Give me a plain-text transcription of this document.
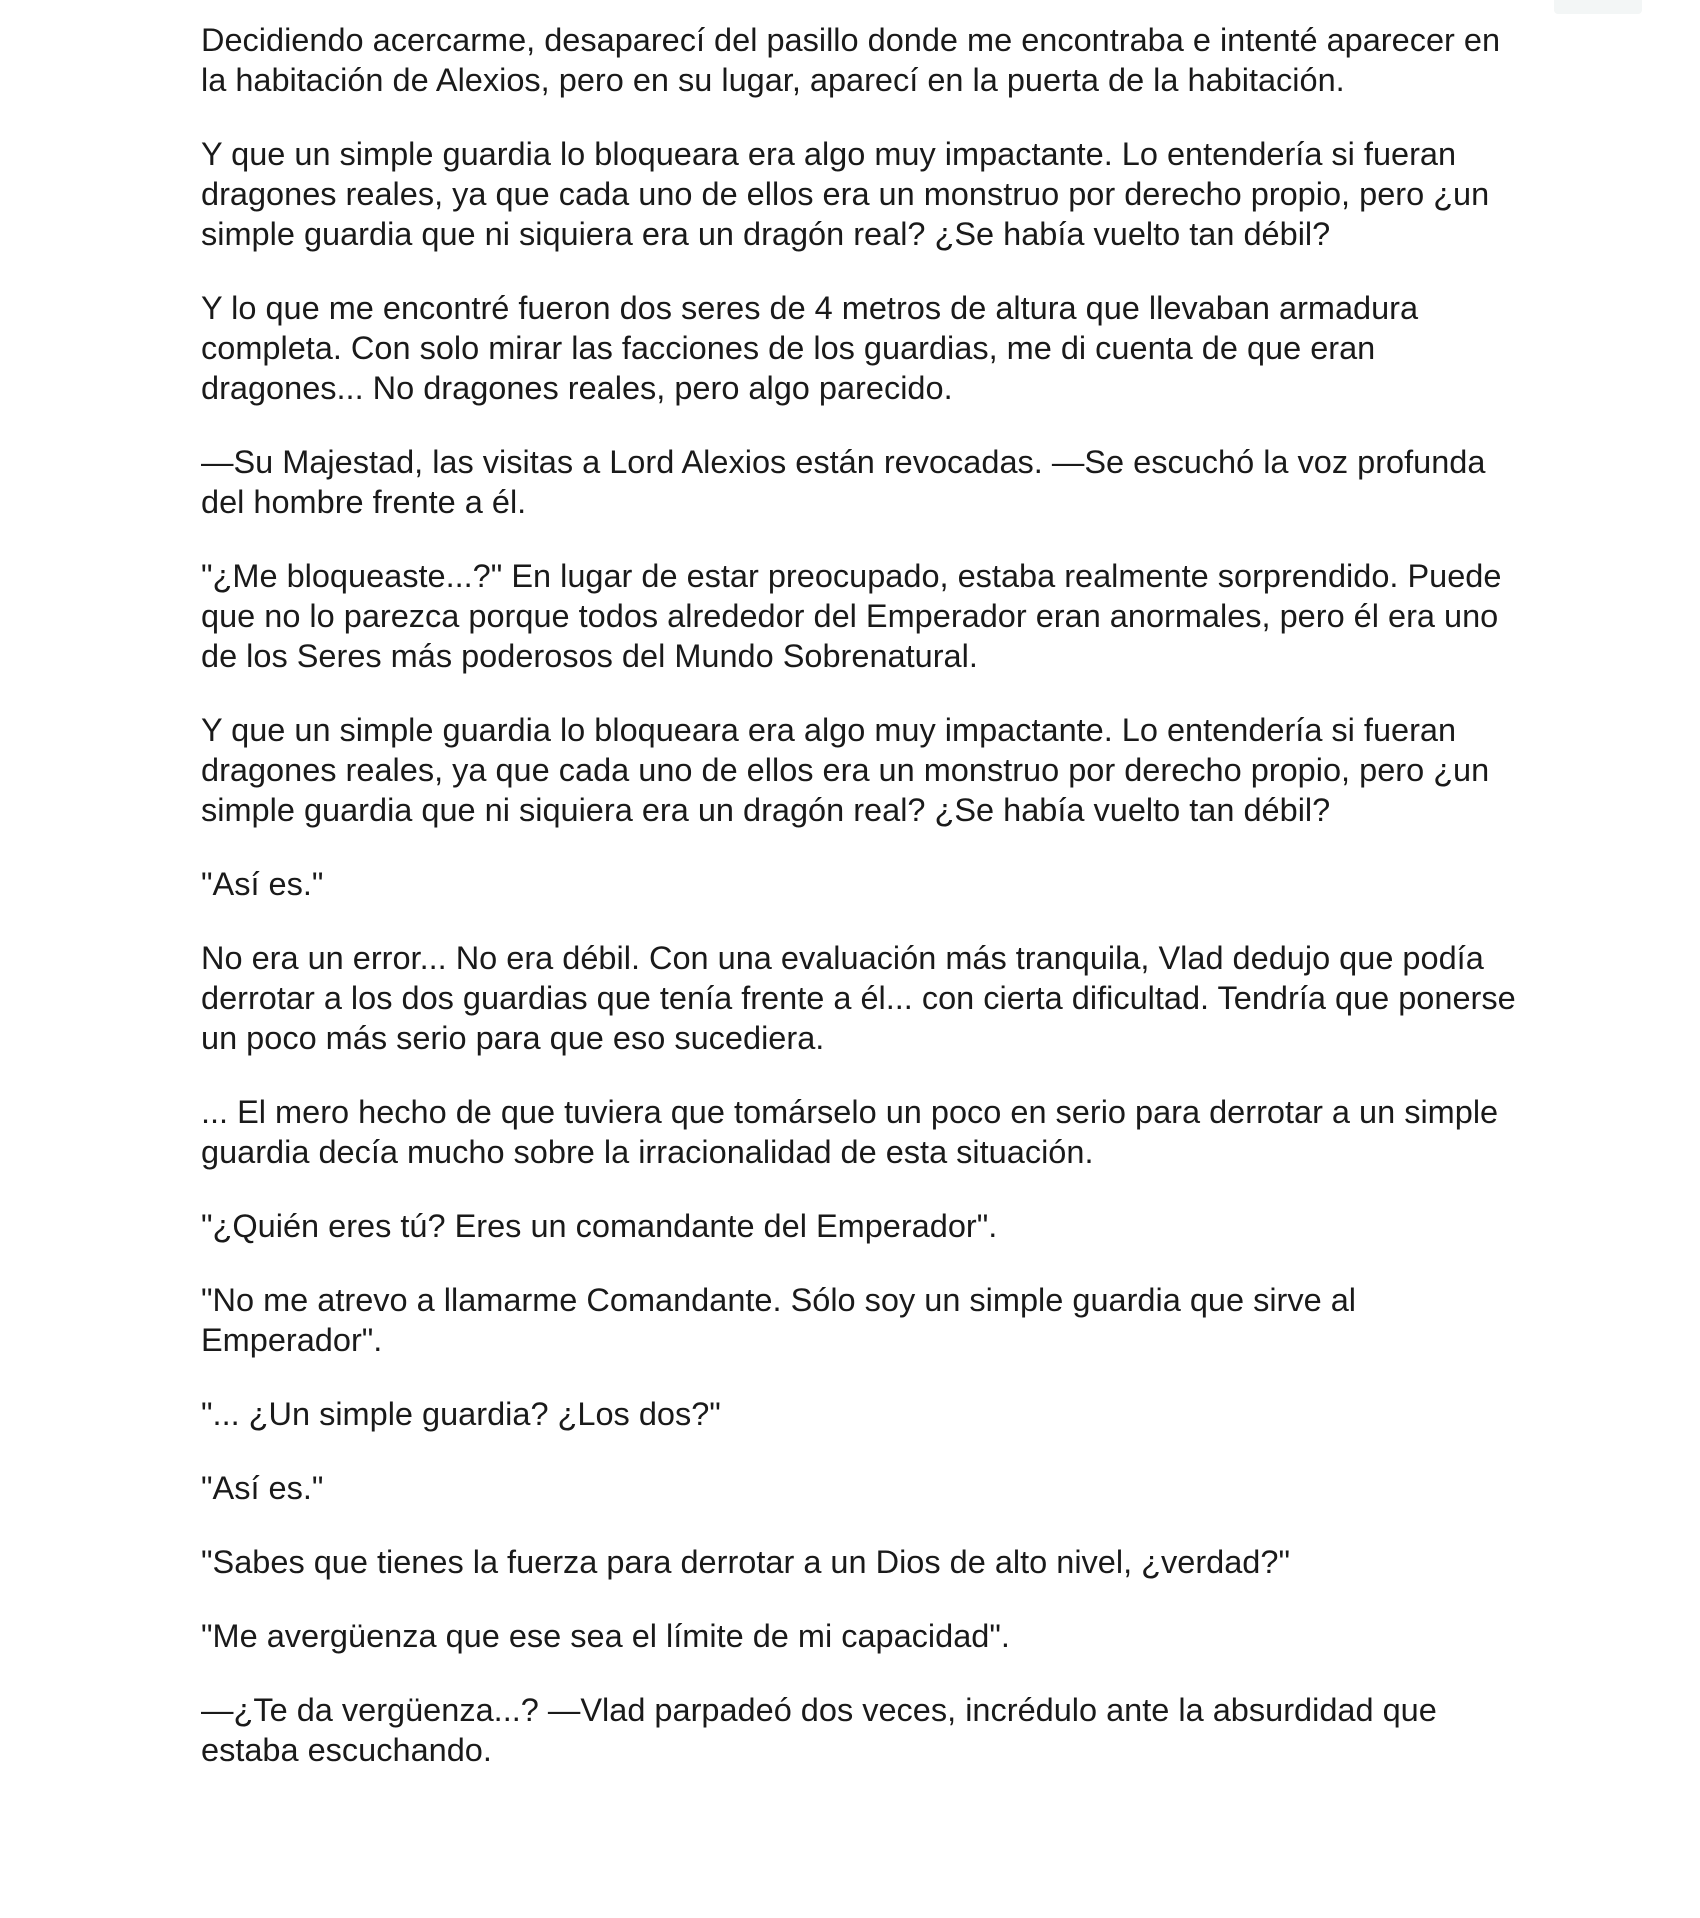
Decidiendo acercarme, desaparecí del pasillo donde me encontraba e intenté aparecer en la habitación de Alexios, pero en su lugar, aparecí en la puerta de la habitación.

Y que un simple guardia lo bloqueara era algo muy impactante. Lo entendería si fueran dragones reales, ya que cada uno de ellos era un monstruo por derecho propio, pero ¿un simple guardia que ni siquiera era un dragón real? ¿Se había vuelto tan débil?

Y lo que me encontré fueron dos seres de 4 metros de altura que llevaban armadura completa. Con solo mirar las facciones de los guardias, me di cuenta de que eran dragones... No dragones reales, pero algo parecido.

—Su Majestad, las visitas a Lord Alexios están revocadas. —Se escuchó la voz profunda del hombre frente a él.

"¿Me bloqueaste...?" En lugar de estar preocupado, estaba realmente sorprendido. Puede que no lo parezca porque todos alrededor del Emperador eran anormales, pero él era uno de los Seres más poderosos del Mundo Sobrenatural.

Y que un simple guardia lo bloqueara era algo muy impactante. Lo entendería si fueran dragones reales, ya que cada uno de ellos era un monstruo por derecho propio, pero ¿un simple guardia que ni siquiera era un dragón real? ¿Se había vuelto tan débil?

"Así es."

No era un error... No era débil. Con una evaluación más tranquila, Vlad dedujo que podía derrotar a los dos guardias que tenía frente a él... con cierta dificultad. Tendría que ponerse un poco más serio para que eso sucediera.

... El mero hecho de que tuviera que tomárselo un poco en serio para derrotar a un simple guardia decía mucho sobre la irracionalidad de esta situación.

"¿Quién eres tú? Eres un comandante del Emperador".

"No me atrevo a llamarme Comandante. Sólo soy un simple guardia que sirve al Emperador".

"... ¿Un simple guardia? ¿Los dos?"

"Así es."

"Sabes que tienes la fuerza para derrotar a un Dios de alto nivel, ¿verdad?"

"Me avergüenza que ese sea el límite de mi capacidad".

—¿Te da vergüenza...? —Vlad parpadeó dos veces, incrédulo ante la absurdidad que estaba escuchando.
